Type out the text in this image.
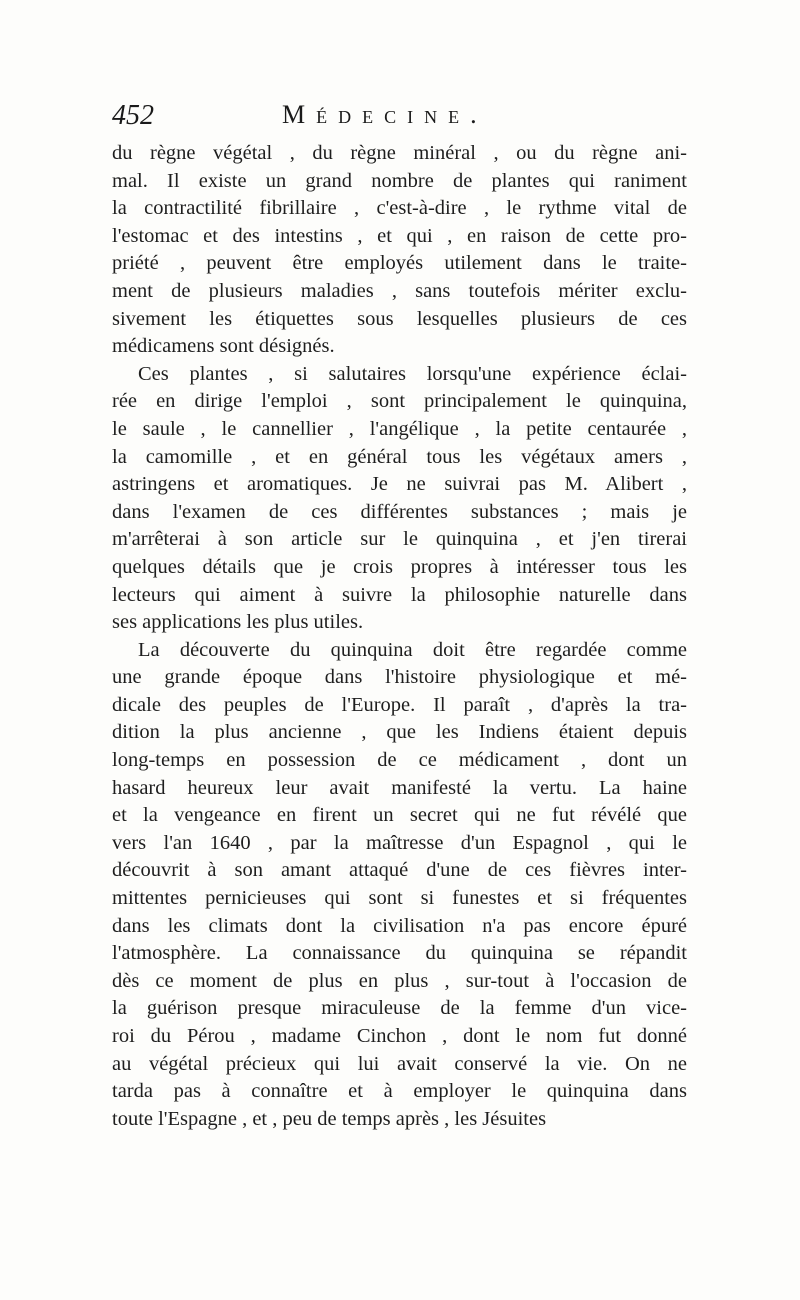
452	Médecine.

du règne végétal , du règne minéral , ou du règne ani-
mal. Il existe un grand nombre de plantes qui raniment
la contractilité fibrillaire , c'est-à-dire , le rythme vital de
l'estomac et des intestins , et qui , en raison de cette pro-
priété , peuvent être employés utilement dans le traite-
ment de plusieurs maladies , sans toutefois mériter exclu-
sivement les étiquettes sous lesquelles plusieurs de ces
médicamens sont désignés.

Ces plantes , si salutaires lorsqu'une expérience éclai-
rée en dirige l'emploi , sont principalement le quinquina,
le saule , le cannellier , l'angélique , la petite centaurée ,
la camomille , et en général tous les végétaux amers ,
astringens et aromatiques. Je ne suivrai pas M. Alibert ,
dans l'examen de ces différentes substances ; mais je
m'arrêterai à son article sur le quinquina , et j'en tirerai
quelques détails que je crois propres à intéresser tous les
lecteurs qui aiment à suivre la philosophie naturelle dans
ses applications les plus utiles.

La découverte du quinquina doit être regardée comme
une grande époque dans l'histoire physiologique et mé-
dicale des peuples de l'Europe. Il paraît , d'après la tra-
dition la plus ancienne , que les Indiens étaient depuis
long-temps en possession de ce médicament , dont un
hasard heureux leur avait manifesté la vertu. La haine
et la vengeance en firent un secret qui ne fut révélé que
vers l'an 1640 , par la maîtresse d'un Espagnol , qui le
découvrit à son amant attaqué d'une de ces fièvres inter-
mittentes pernicieuses qui sont si funestes et si fréquentes
dans les climats dont la civilisation n'a pas encore épuré
l'atmosphère. La connaissance du quinquina se répandit
dès ce moment de plus en plus , sur-tout à l'occasion de
la guérison presque miraculeuse de la femme d'un vice-
roi du Pérou , madame Cinchon , dont le nom fut donné
au végétal précieux qui lui avait conservé la vie. On ne
tarda pas à connaître et à employer le quinquina dans
toute l'Espagne , et , peu de temps après , les Jésuites
